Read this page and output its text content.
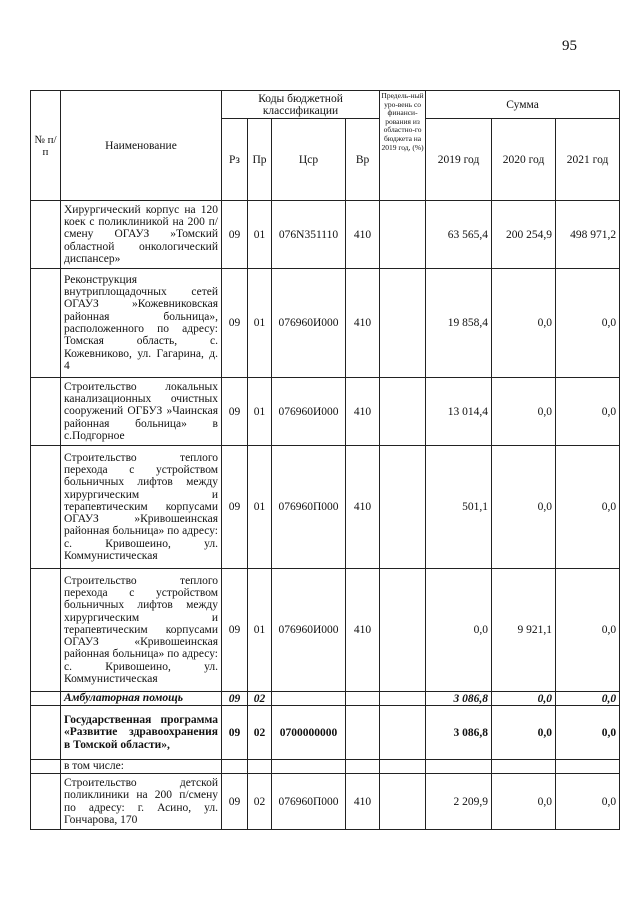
95
№ п/п	Наименование	Коды бюджетной классификации				Предель-ный уро-вень со финанси-рования из областно-го бюджета на 2019 год, (%)	Сумма		
		Рз	Пр	Цср	Вр		2019 год	2020 год	2021 год
	Хирургический корпус на 120 коек с поликлиникой на 200 п/смену ОГАУЗ »Томский областной онкологический диспансер»	09	01	076N351110	410		63 565,4	200 254,9	498 971,2
	Реконструкция внутриплощадочных сетей ОГАУЗ »Кожевниковская районная больница», расположенного по адресу: Томская область, с. Кожевниково, ул. Гагарина, д. 4	09	01	076960И000	410		19 858,4	0,0	0,0
	Строительство локальных канализационных очистных сооружений ОГБУЗ »Чаинская районная больница» в с.Подгорное	09	01	076960И000	410		13 014,4	0,0	0,0
	Строительство теплого перехода с устройством больничных лифтов между хирургическим и терапевтическим корпусами ОГАУЗ »Кривошеинская районная больница» по адресу: с. Кривошеино, ул. Коммунистическая	09	01	076960П000	410		501,1	0,0	0,0
	Строительство теплого перехода с устройством больничных лифтов между хирургическим и терапевтическим корпусами ОГАУЗ «Кривошеинская районная больница» по адресу: с. Кривошеино, ул. Коммунистическая	09	01	076960И000	410		0,0	9 921,1	0,0
	Амбулаторная помощь	09	02				3 086,8	0,0	0,0
	Государственная программа «Развитие здравоохранения в Томской области»,	09	02	0700000000			3 086,8	0,0	0,0
	в том числе:								
	Строительство детской поликлиники на 200 п/смену по адресу: г. Асино, ул. Гончарова, 170	09	02	076960П000	410		2 209,9	0,0	0,0
